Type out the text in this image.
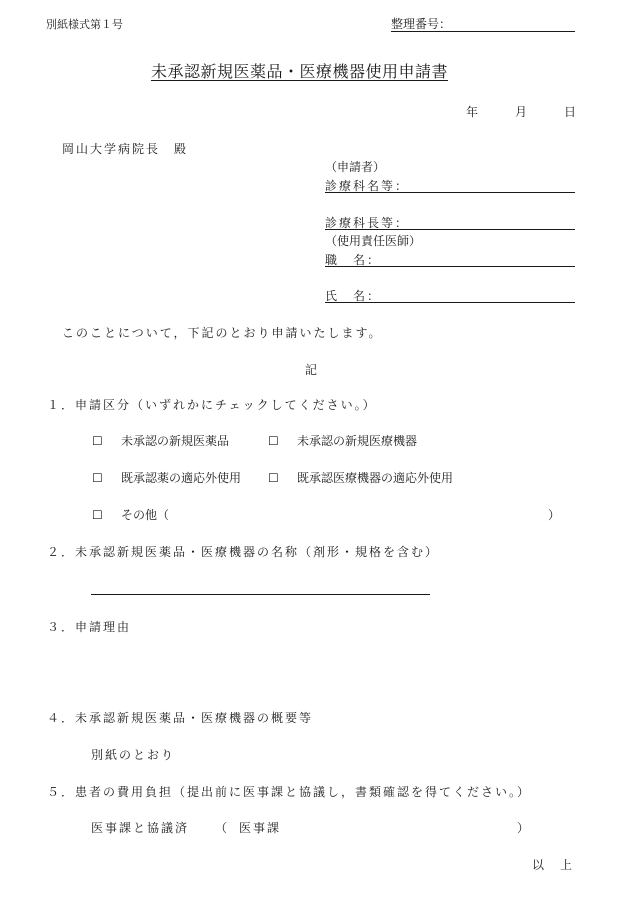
別紙様式第１号	整理番号：
未承認新規医薬品・医療機器使用申請書
年	月	日
岡山大学病院長　殿
（申請者）
診療科名等：
診療科長等：
（使用責任医師）
職　名：
氏　名：
このことについて，下記のとおり申請いたします。
記
１．申請区分（いずれかにチェックしてください。）
☐ 未承認の新規医薬品	☐ 未承認の新規医療機器
☐ 既承認薬の適応外使用 ☐ 既承認医療機器の適応外使用
☐ その他（	）
２．未承認新規医薬品・医療機器の名称（剤形・規格を含む）
３．申請理由
４．未承認新規医薬品・医療機器の概要等
別紙のとおり
５．患者の費用負担（提出前に医事課と協議し，書類確認を得てください。）
医事課と協議済 （ 医事課	）
以　上
